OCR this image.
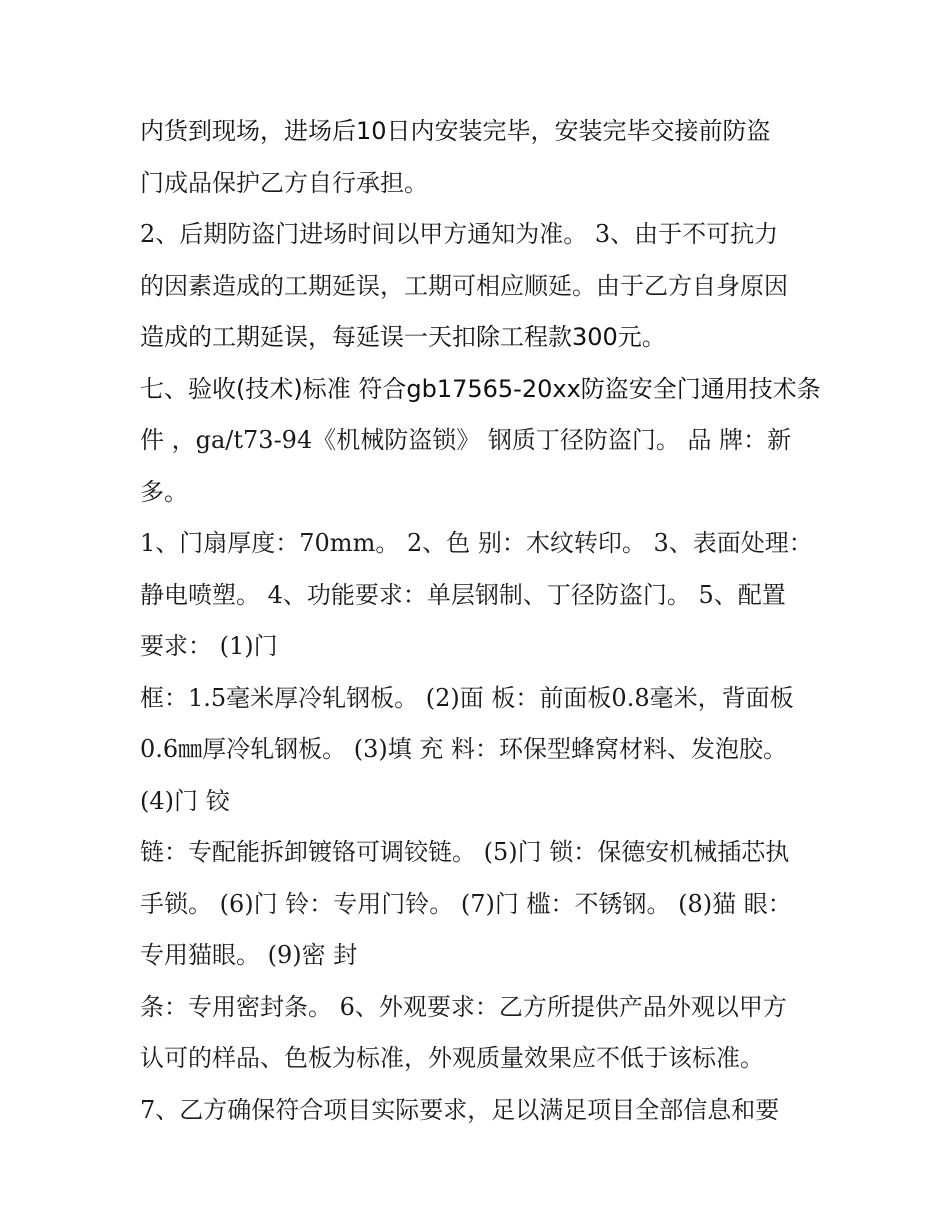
内货到现场，进场后10日内安装完毕，安装完毕交接前防盗
门成品保护乙方自行承担。
2、后期防盗门进场时间以甲方通知为准。 3、由于不可抗力
的因素造成的工期延误，工期可相应顺延。由于乙方自身原因
造成的工期延误，每延误一天扣除工程款300元。
七、验收(技术)标准 符合gb17565-20xx防盗安全门通用技术条
件 ，ga/t73-94《机械防盗锁》 钢质丁径防盗门。 品 牌：新
多。
1、门扇厚度：70mm。 2、色 别：木纹转印。 3、表面处理：
静电喷塑。 4、功能要求：单层钢制、丁径防盗门。 5、配置
要求： (1)门
框：1.5毫米厚冷轧钢板。 (2)面 板：前面板0.8毫米，背面板
0.6㎜厚冷轧钢板。 (3)填 充 料：环保型蜂窝材料、发泡胶。
(4)门 铰
链：专配能拆卸镀铬可调铰链。 (5)门 锁：保德安机械插芯执
手锁。 (6)门 铃：专用门铃。 (7)门 槛：不锈钢。 (8)猫 眼：
专用猫眼。 (9)密 封
条：专用密封条。 6、外观要求：乙方所提供产品外观以甲方
认可的样品、色板为标准，外观质量效果应不低于该标准。
7、乙方确保符合项目实际要求，足以满足项目全部信息和要
